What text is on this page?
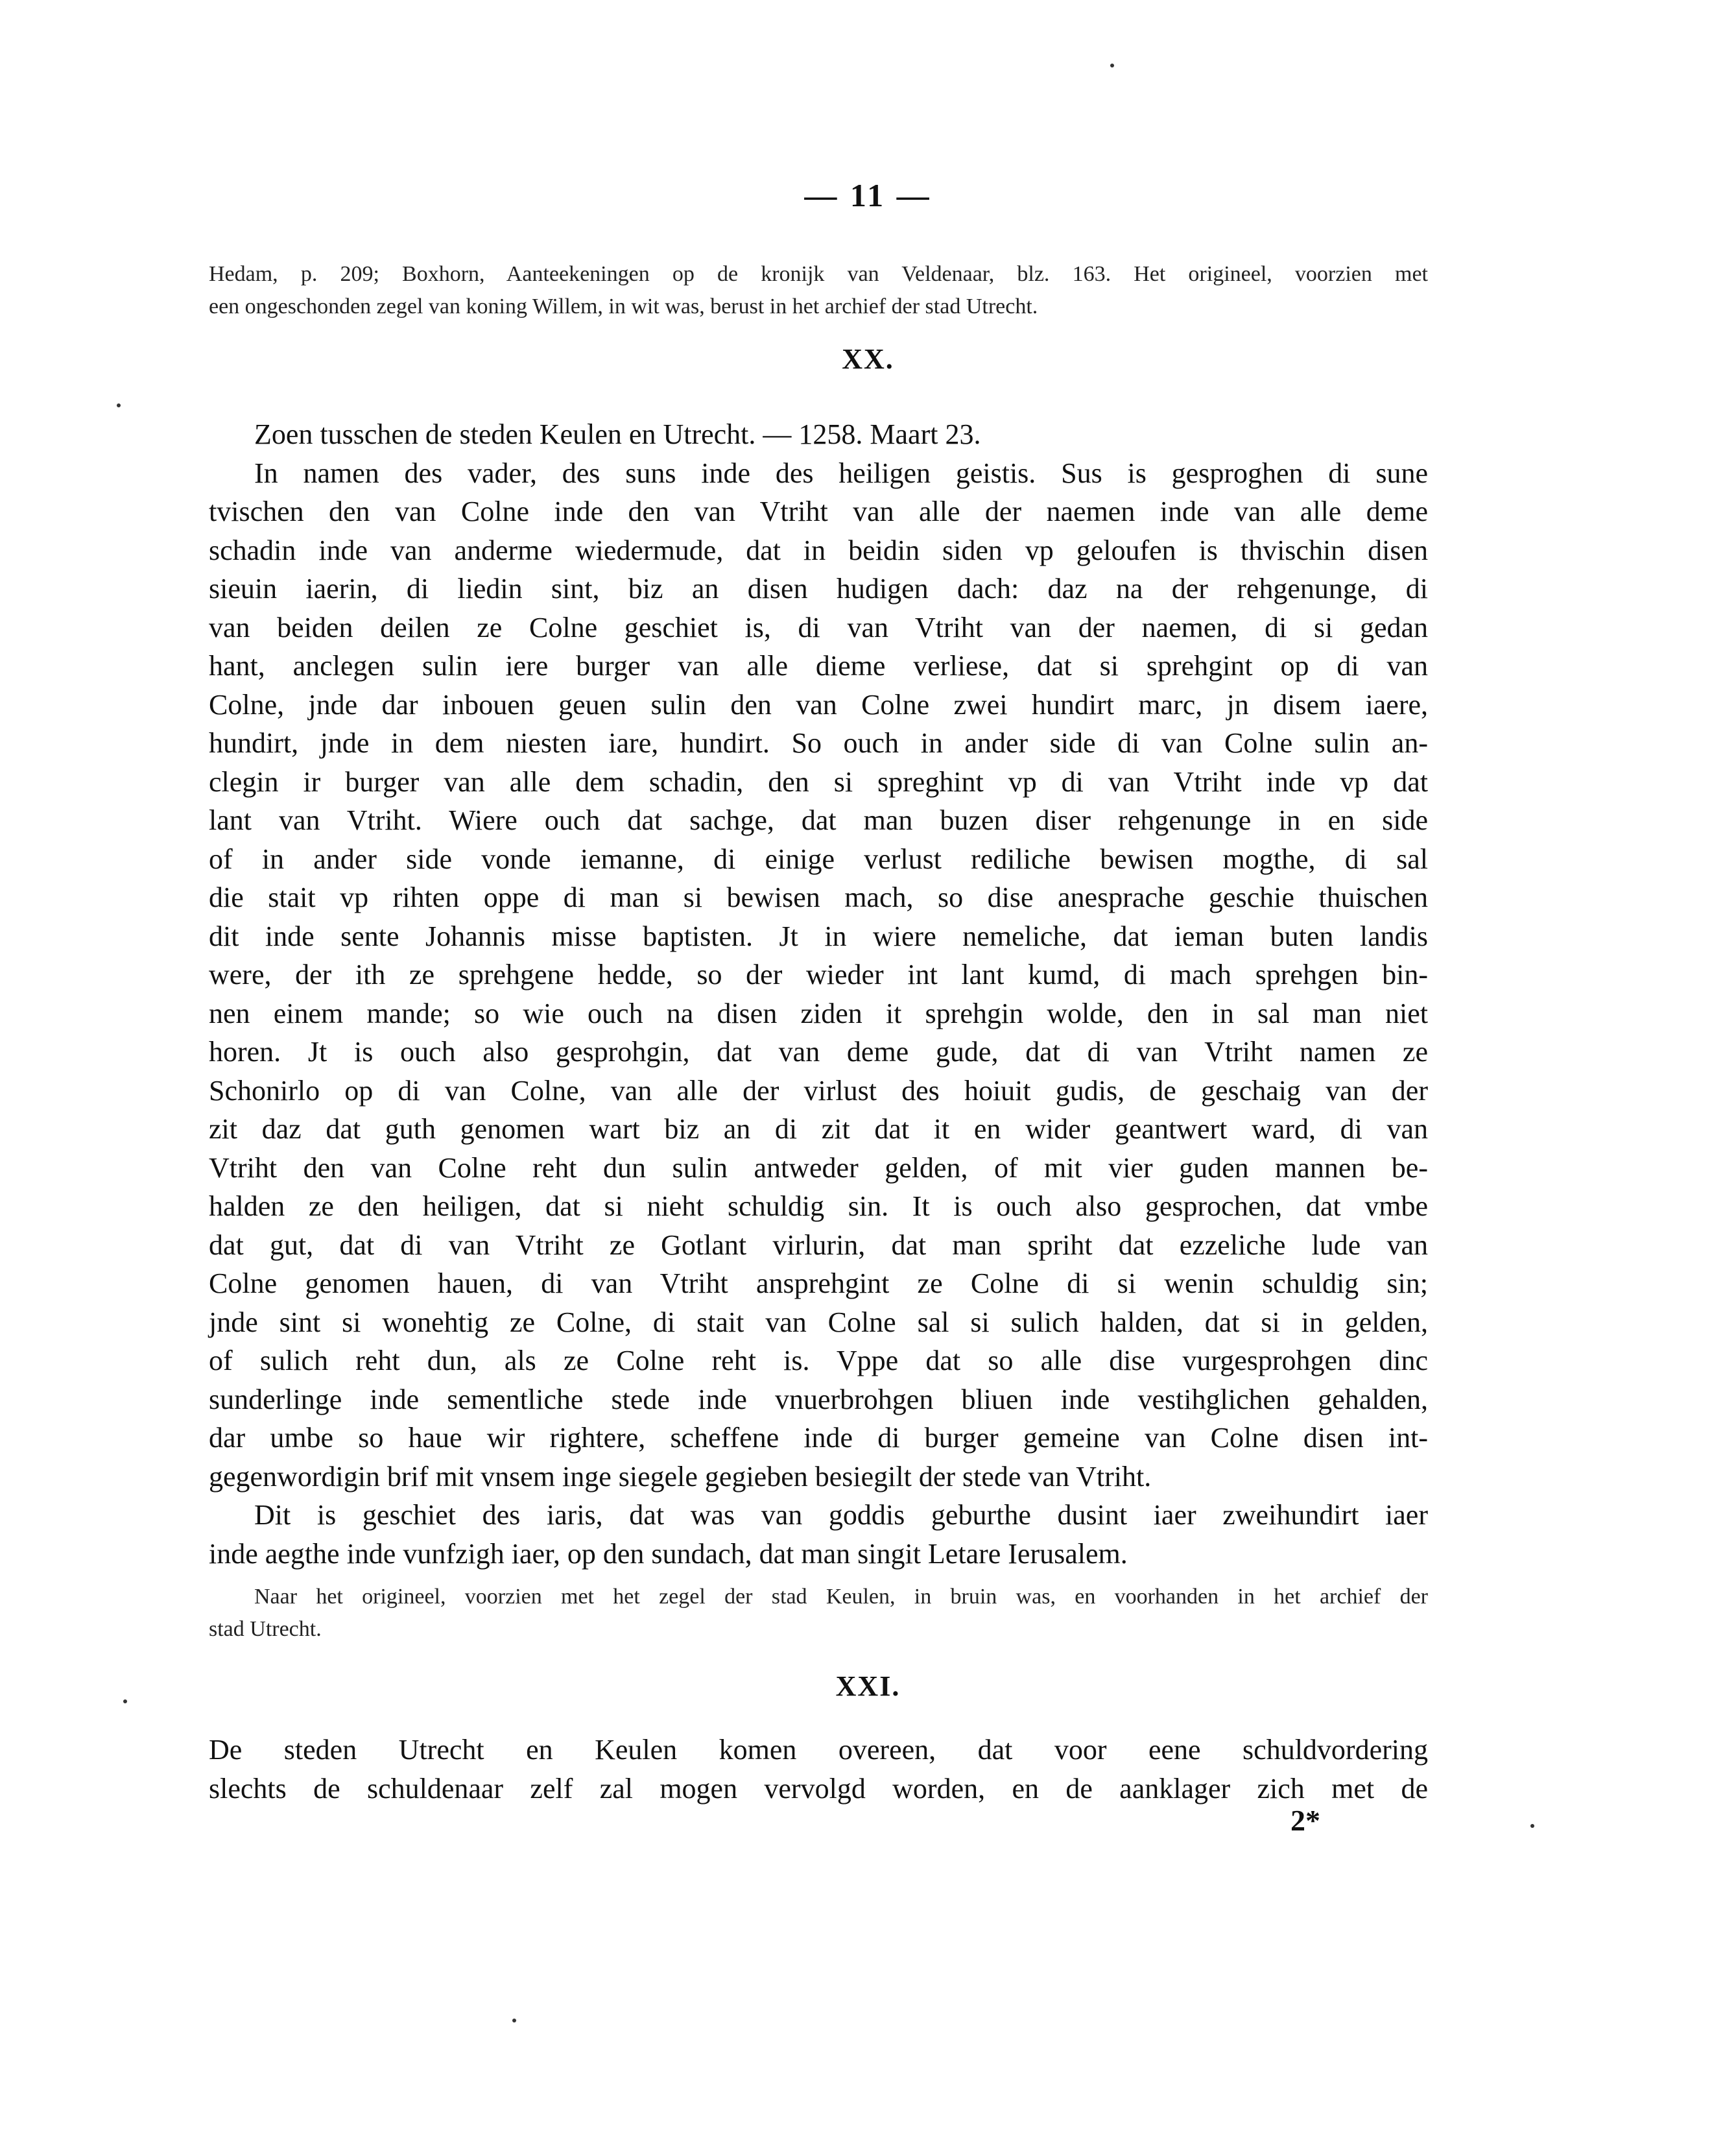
— 11 —
Hedam, p. 209; Boxhorn, Aanteekeningen op de kronijk van Veldenaar, blz. 163. Het origineel, voorzien met
een ongeschonden zegel van koning Willem, in wit was, berust in het archief der stad Utrecht.
XX.
Zoen tusschen de steden Keulen en Utrecht. — 1258. Maart 23.
In namen des vader, des suns inde des heiligen geistis. Sus is gesproghen di sune
tvischen den van Colne inde den van Vtriht van alle der naemen inde van alle deme
schadin inde van anderme wiedermude, dat in beidin siden vp geloufen is thvischin disen
sieuin iaerin, di liedin sint, biz an disen hudigen dach: daz na der rehgenunge, di
van beiden deilen ze Colne geschiet is, di van Vtriht van der naemen, di si gedan
hant, anclegen sulin iere burger van alle dieme verliese, dat si sprehgint op di van
Colne, jnde dar inbouen geuen sulin den van Colne zwei hundirt marc, jn disem iaere,
hundirt, jnde in dem niesten iare, hundirt. So ouch in ander side di van Colne sulin an-
clegin ir burger van alle dem schadin, den si spreghint vp di van Vtriht inde vp dat
lant van Vtriht. Wiere ouch dat sachge, dat man buzen diser rehgenunge in en side
of in ander side vonde iemanne, di einige verlust rediliche bewisen mogthe, di sal
die stait vp rihten oppe di man si bewisen mach, so dise anesprache geschie thuischen
dit inde sente Johannis misse baptisten. Jt in wiere nemeliche, dat ieman buten landis
were, der ith ze sprehgene hedde, so der wieder int lant kumd, di mach sprehgen bin-
nen einem mande; so wie ouch na disen ziden it sprehgin wolde, den in sal man niet
horen. Jt is ouch also gesprohgin, dat van deme gude, dat di van Vtriht namen ze
Schonirlo op di van Colne, van alle der virlust des hoiuit gudis, de geschaig van der
zit daz dat guth genomen wart biz an di zit dat it en wider geantwert ward, di van
Vtriht den van Colne reht dun sulin antweder gelden, of mit vier guden mannen be-
halden ze den heiligen, dat si nieht schuldig sin. It is ouch also gesprochen, dat vmbe
dat gut, dat di van Vtriht ze Gotlant virlurin, dat man spriht dat ezzeliche lude van
Colne genomen hauen, di van Vtriht ansprehgint ze Colne di si wenin schuldig sin;
jnde sint si wonehtig ze Colne, di stait van Colne sal si sulich halden, dat si in gelden,
of sulich reht dun, als ze Colne reht is. Vppe dat so alle dise vurgesprohgen dinc
sunderlinge inde sementliche stede inde vnuerbrohgen bliuen inde vestihglichen gehalden,
dar umbe so haue wir rightere, scheffene inde di burger gemeine van Colne disen int-
gegenwordigin brif mit vnsem inge siegele gegieben besiegilt der stede van Vtriht.
Dit is geschiet des iaris, dat was van goddis geburthe dusint iaer zweihundirt iaer
inde aegthe inde vunfzigh iaer, op den sundach, dat man singit Letare Ierusalem.
Naar het origineel, voorzien met het zegel der stad Keulen, in bruin was, en voorhanden in het archief der
stad Utrecht.
XXI.
De steden Utrecht en Keulen komen overeen, dat voor eene schuldvordering
slechts de schuldenaar zelf zal mogen vervolgd worden, en de aanklager zich met de
2*
